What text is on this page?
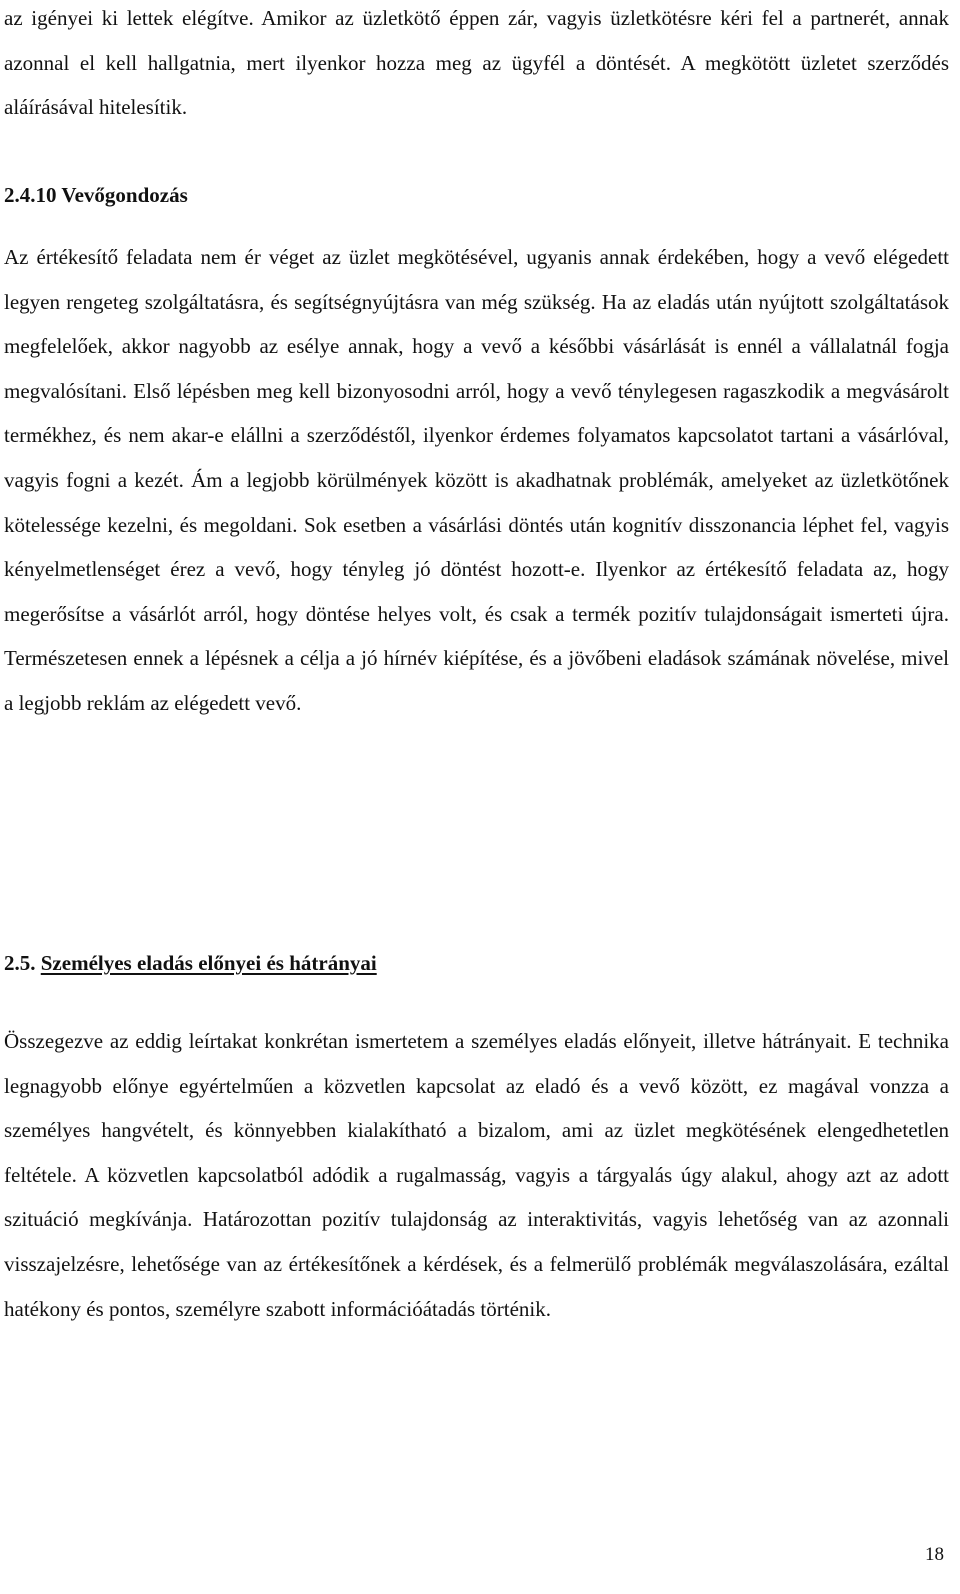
az igényei ki lettek elégítve. Amikor az üzletkötő éppen zár, vagyis üzletkötésre kéri fel a partnerét, annak azonnal el kell hallgatnia, mert ilyenkor hozza meg az ügyfél a döntését. A megkötött üzletet szerződés aláírásával hitelesítik.

2.4.10 Vevőgondozás

Az értékesítő feladata nem ér véget az üzlet megkötésével, ugyanis annak érdekében, hogy a vevő elégedett legyen rengeteg szolgáltatásra, és segítségnyújtásra van még szükség. Ha az eladás után nyújtott szolgáltatások megfelelőek, akkor nagyobb az esélye annak, hogy a vevő a későbbi vásárlását is ennél a vállalatnál fogja megvalósítani. Első lépésben meg kell bizonyosodni arról, hogy a vevő ténylegesen ragaszkodik a megvásárolt termékhez, és nem akar-e elállni a szerződéstől, ilyenkor érdemes folyamatos kapcsolatot tartani a vásárlóval, vagyis fogni a kezét. Ám a legjobb körülmények között is akadhatnak problémák, amelyeket az üzletkötőnek kötelessége kezelni, és megoldani. Sok esetben a vásárlási döntés után kognitív disszonancia léphet fel, vagyis kényelmetlenséget érez a vevő, hogy tényleg jó döntést hozott-e. Ilyenkor az értékesítő feladata az, hogy megerősítse a vásárlót arról, hogy döntése helyes volt, és csak a termék pozitív tulajdonságait ismerteti újra. Természetesen ennek a lépésnek a célja a jó hírnév kiépítése, és a jövőbeni eladások számának növelése, mivel a legjobb reklám az elégedett vevő.

2.5. Személyes eladás előnyei és hátrányai

Összegezve az eddig leírtakat konkrétan ismertetem a személyes eladás előnyeit, illetve hátrányait. E technika legnagyobb előnye egyértelműen a közvetlen kapcsolat az eladó és a vevő között, ez magával vonzza a személyes hangvételt, és könnyebben kialakítható a bizalom, ami az üzlet megkötésének elengedhetetlen feltétele. A közvetlen kapcsolatból adódik a rugalmasság, vagyis a tárgyalás úgy alakul, ahogy azt az adott szituáció megkívánja. Határozottan pozitív tulajdonság az interaktivitás, vagyis lehetőség van az azonnali visszajelzésre, lehetősége van az értékesítőnek a kérdések, és a felmerülő problémák megválaszolására, ezáltal hatékony és pontos, személyre szabott információátadás történik.

18
